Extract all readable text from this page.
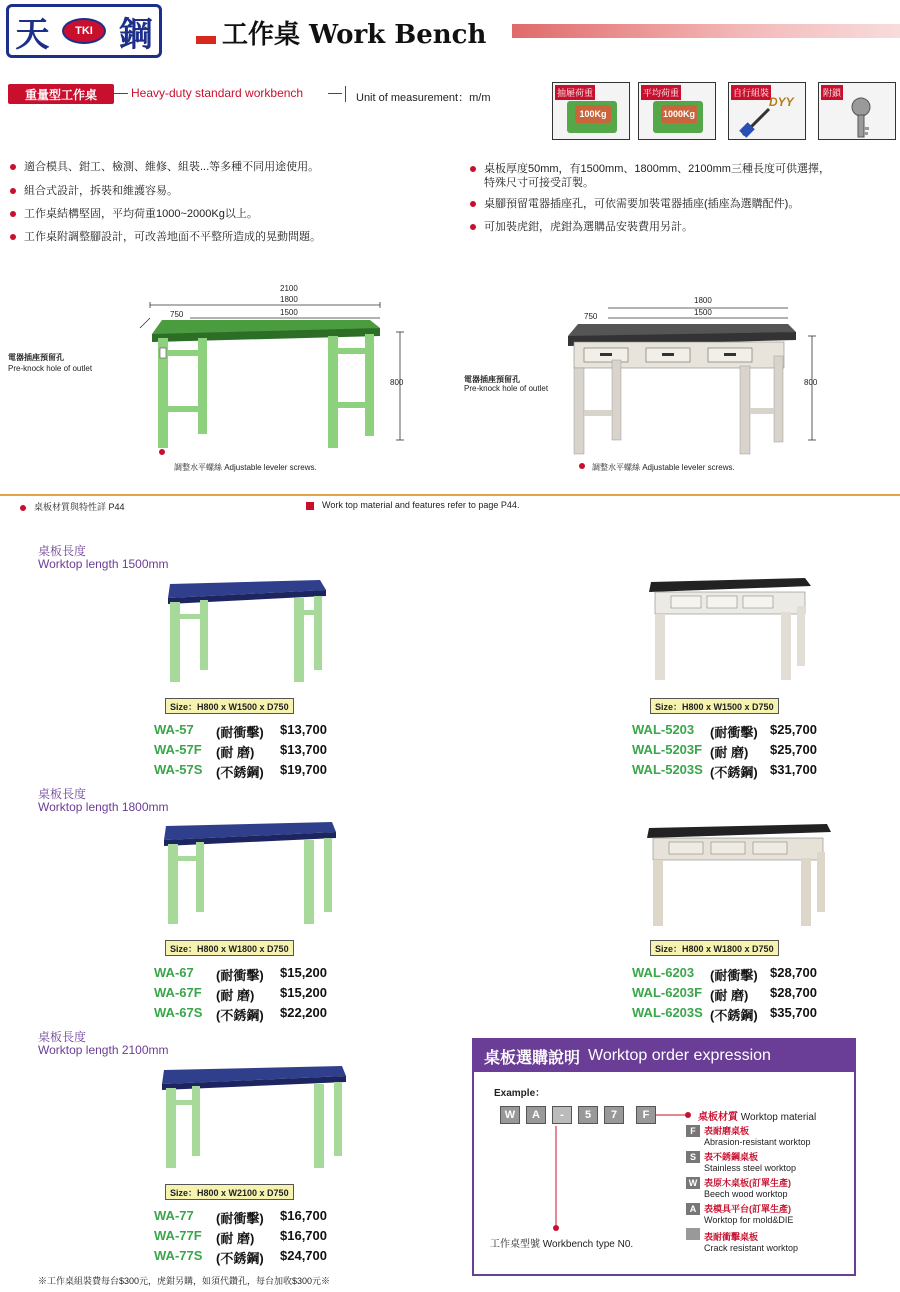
天	TKI 鋼	工作桌 Work Bench
重量型工作桌	Heavy-duty standard workbench	Unit of measurement：m/m	抽屜荷重
100Kg
平均荷重
1000Kg
自行組裝
DYY
附鎖
適合模具、鉗工、檢測、維修、組裝...等多種不同用途使用。
組合式設計，拆裝和維護容易。
工作桌結構堅固，平均荷重1000~2000Kg以上。
工作桌附調整腳設計，可改善地面不平整所造成的晃動問題。
桌板厚度50mm，有1500mm、1800mm、2100mm三種長度可供選擇，
特殊尺寸可接受訂製。
桌腳預留電器插座孔，可依需要加裝電器插座(插座為選購配件)。
可加裝虎鉗，虎鉗為選購品安裝費用另計。
2100
1800
1500
750
800
電器插座預留孔
Pre-knock hole of outlet
調整水平螺絲 Adjustable leveler screws.
1800
1500
750
800
電器插座預留孔
Pre-knock hole of outlet
調整水平螺絲 Adjustable leveler screws.
桌板材質與特性詳 P44	Work top material and features refer to page P44.
桌板長度
Worktop length 1500mm
Size：H800 x W1500 x D750
WA-57	(耐衝擊)	$13,700
WA-57F	(耐 磨)	$13,700
WA-57S	(不銹鋼)	$19,700
Size：H800 x W1500 x D750
WAL-5203	(耐衝擊) $25,700
WAL-5203F (耐 磨)	$25,700
WAL-5203S (不銹鋼) $31,700
桌板長度
Worktop length 1800mm
Size：H800 x W1800 x D750
WA-67	(耐衝擊)	$15,200
WA-67F	(耐 磨)	$15,200
WA-67S	(不銹鋼)	$22,200
Size：H800 x W1800 x D750
WAL-6203	(耐衝擊) $28,700
WAL-6203F (耐 磨)	$28,700
WAL-6203S (不銹鋼) $35,700
桌板長度
Worktop length 2100mm
Size：H800 x W2100 x D750
WA-77	(耐衝擊)	$16,700
WA-77F	(耐 磨)	$16,700
WA-77S	(不銹鋼)	$24,700
桌板選購說明 Worktop order expression
Example：
W	A	-	5	7	F	桌板材質 Worktop material
F 表耐磨桌板
Abrasion-resistant worktop
S 表不銹鋼桌板
Stainless steel worktop
W 表原木桌板(訂單生產)
Beech wood worktop
A 表模具平台(訂單生產)
Worktop for mold&DIE
表耐衝擊桌板
Crack resistant worktop
工作桌型號 Workbench type N0.
※工作桌組裝費每台$300元，虎鉗另購，如須代鑽孔，每台加收$300元※
